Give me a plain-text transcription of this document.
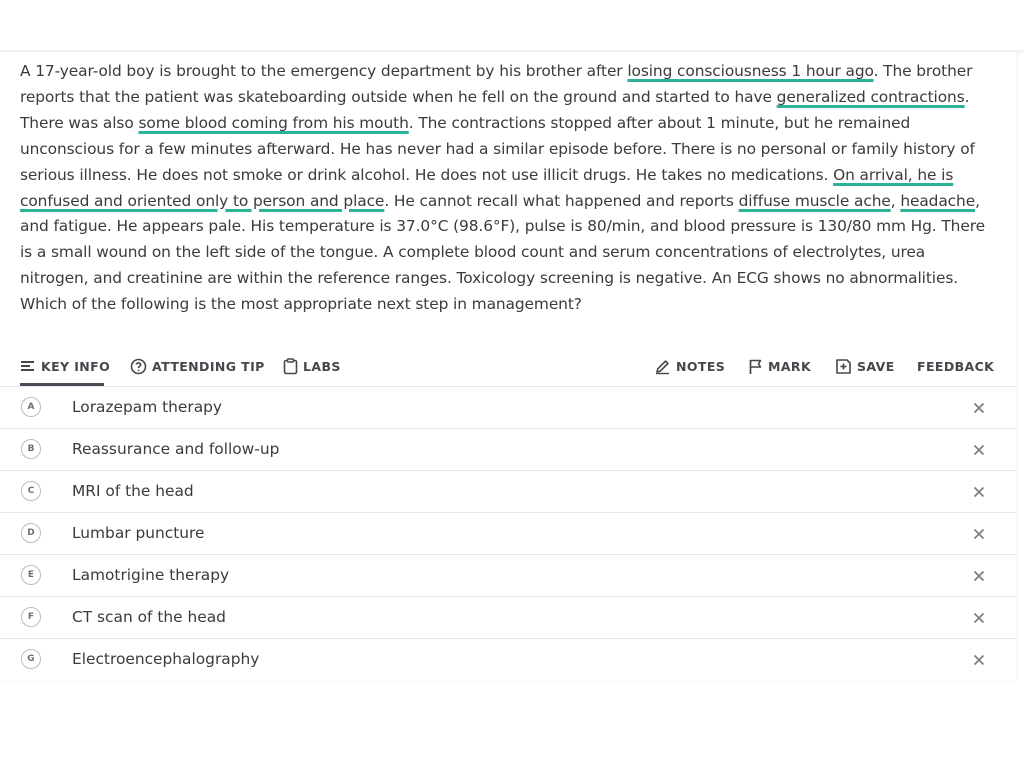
A 17-year-old boy is brought to the emergency department by his brother after losing consciousness 1 hour ago. The brother reports that the patient was skateboarding outside when he fell on the ground and started to have generalized contractions. There was also some blood coming from his mouth. The contractions stopped after about 1 minute, but he remained unconscious for a few minutes afterward. He has never had a similar episode before. There is no personal or family history of serious illness. He does not smoke or drink alcohol. He does not use illicit drugs. He takes no medications. On arrival, he is confused and oriented only to person and place. He cannot recall what happened and reports diffuse muscle ache, headache, and fatigue. He appears pale. His temperature is 37.0°C (98.6°F), pulse is 80/min, and blood pressure is 130/80 mm Hg. There is a small wound on the left side of the tongue. A complete blood count and serum concentrations of electrolytes, urea nitrogen, and creatinine are within the reference ranges. Toxicology screening is negative. An ECG shows no abnormalities. Which of the following is the most appropriate next step in management?
KEY INFO	ATTENDING TIP	LABS	NOTES	MARK	SAVE FEEDBACK
A	Lorazepam therapy
B	Reassurance and follow-up
C	MRI of the head
D	Lumbar puncture
E	Lamotrigine therapy
F	CT scan of the head
G	Electroencephalography
